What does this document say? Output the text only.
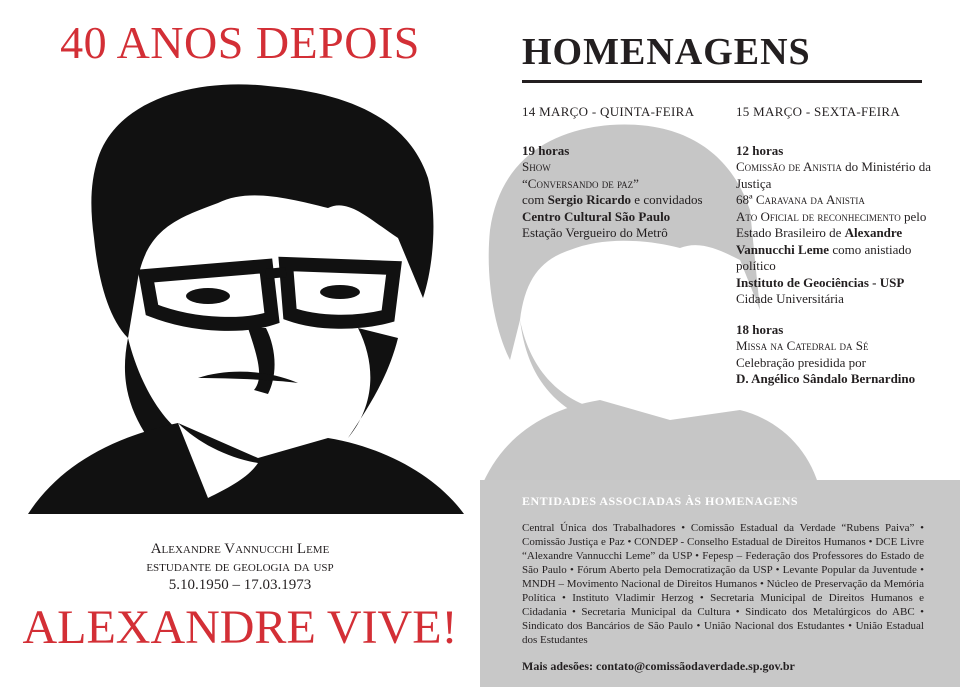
40 ANOS DEPOIS
Alexandre Vannucchi Leme
estudante de geologia da usp
5.10.1950 – 17.03.1973
ALEXANDRE VIVE!
HOMENAGENS
14 MARÇO - QUINTA-FEIRA
19 horas
Show
“Conversando de paz”
com Sergio Ricardo e convidados
Centro Cultural São Paulo
Estação Vergueiro do Metrô
15 MARÇO - SEXTA-FEIRA
12 horas
Comissão de Anistia do Ministério da Justiça
68ª Caravana da Anistia
Ato Oficial de reconhecimento pelo Estado Brasileiro de Alexandre Vannucchi Leme como anistiado político
Instituto de Geociências - USP
Cidade Universitária
18 horas
Missa na Catedral da Sé
Celebração presidida por
D. Angélico Sândalo Bernardino
ENTIDADES ASSOCIADAS ÀS HOMENAGENS
Central Única dos Trabalhadores • Comissão Estadual da Verdade “Rubens Paiva” • Comissão Justiça e Paz • CONDEP - Conselho Estadual de Direitos Humanos • DCE Livre “Alexandre Vannucchi Leme” da USP • Fepesp – Federação dos Professores do Estado de São Paulo • Fórum Aberto pela Democratização da USP • Levante Popular da Juventude • MNDH – Movimento Nacional de Direitos Humanos • Núcleo de Preservação da Memória Política • Instituto Vladimir Herzog • Secretaria Municipal de Direitos Humanos e Cidadania • Secretaria Municipal da Cultura • Sindicato dos Metalúrgicos do ABC • Sindicato dos Bancários de São Paulo • União Nacional dos Estudantes • União Estadual dos Estudantes
Mais adesões: contato@comissãodaverdade.sp.gov.br
